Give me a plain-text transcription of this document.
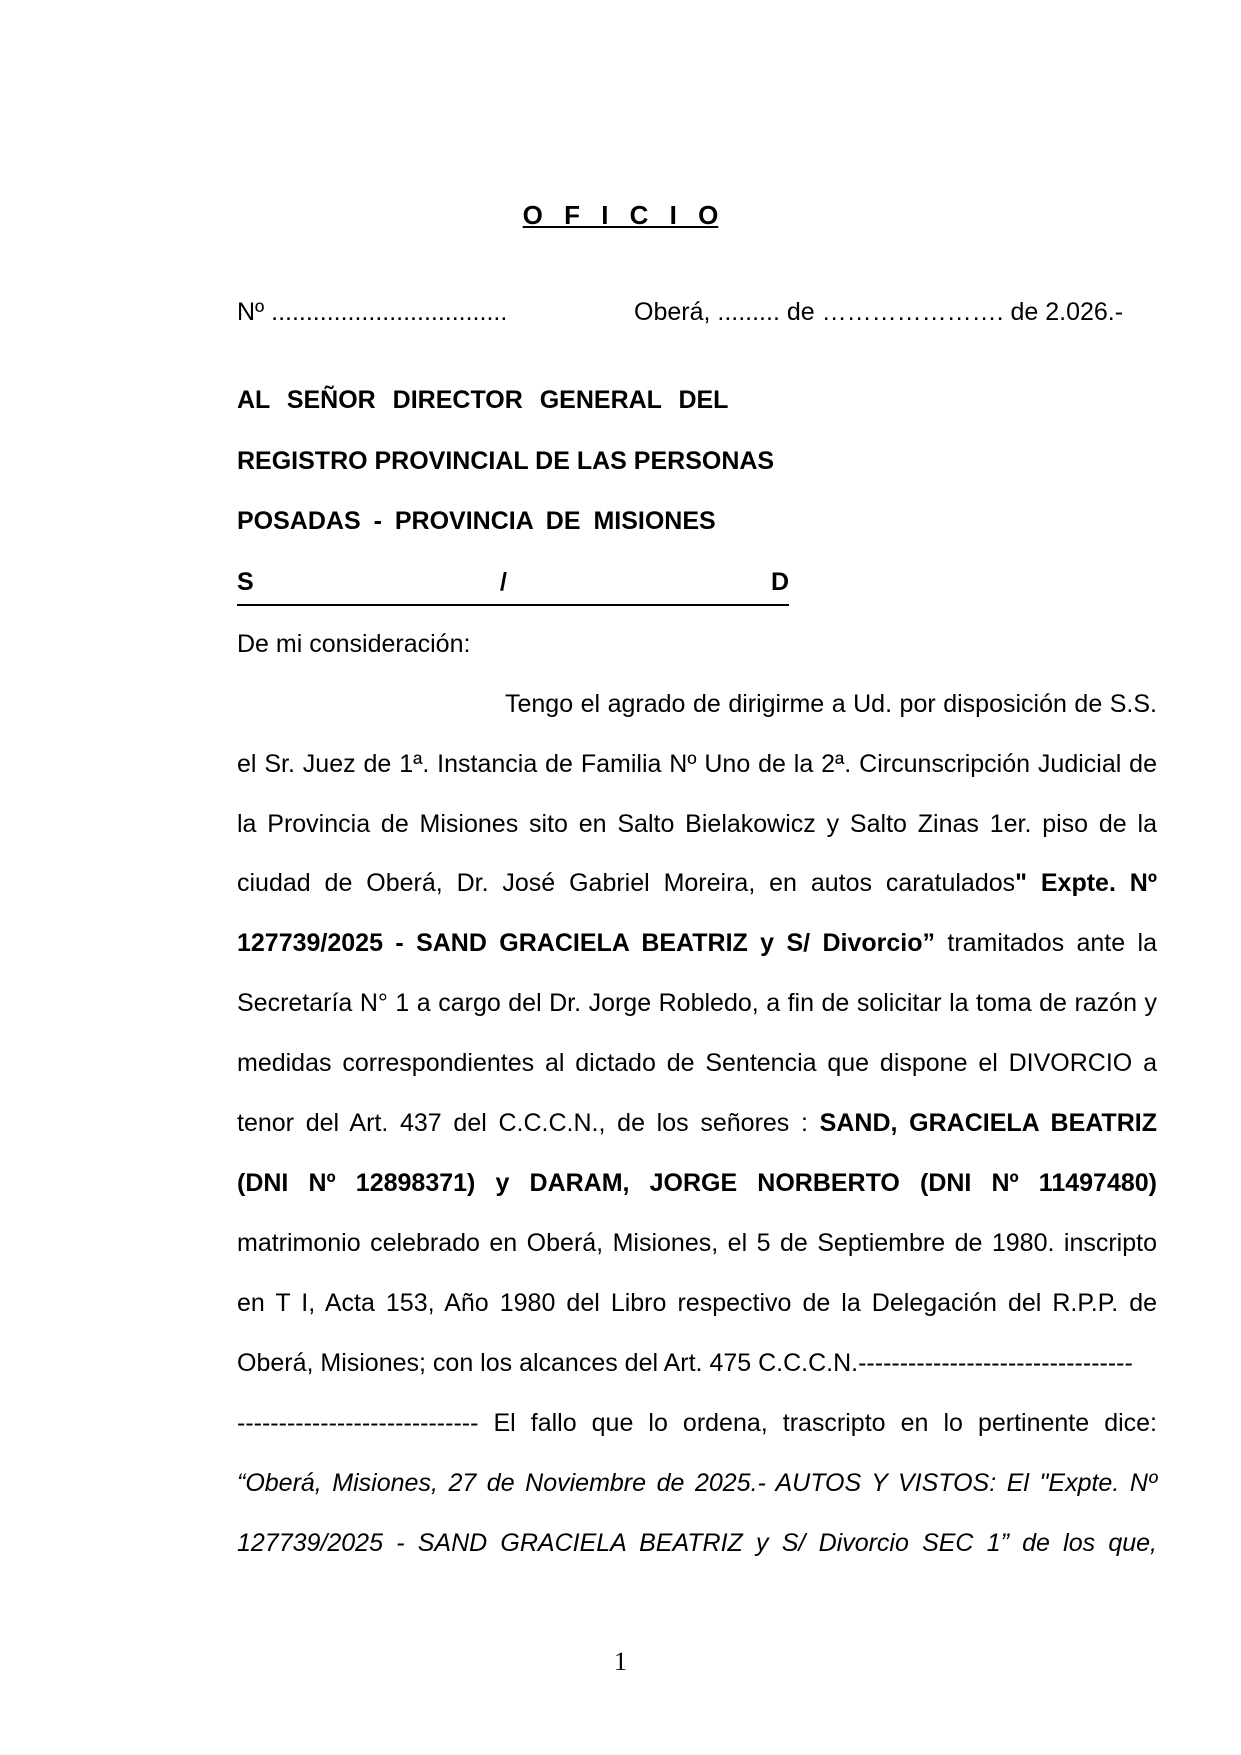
O F I C I O
Nº ..................................	Oberá, ......... de …………………. de 2.026.-
AL SEÑOR DIRECTOR GENERAL DEL
REGISTRO PROVINCIAL DE LAS PERSONAS
POSADAS - PROVINCIA DE MISIONES
S	/	D
De mi consideración:
Tengo el agrado de dirigirme a Ud. por disposición de S.S.
el Sr. Juez de 1ª. Instancia de Familia Nº Uno de la 2ª. Circunscripción Judicial de
la Provincia de Misiones sito en Salto Bielakowicz y Salto Zinas 1er. piso de la
ciudad de Oberá, Dr. José Gabriel Moreira, en autos caratulados" Expte. Nº
127739/2025 - SAND GRACIELA BEATRIZ y S/ Divorcio” tramitados ante la
Secretaría N° 1 a cargo del Dr. Jorge Robledo, a fin de solicitar la toma de razón y
medidas correspondientes al dictado de Sentencia que dispone el DIVORCIO a
tenor del Art. 437 del C.C.C.N., de los señores : SAND, GRACIELA BEATRIZ
(DNI Nº 12898371) y DARAM, JORGE NORBERTO (DNI Nº 11497480)
matrimonio celebrado en Oberá, Misiones, el 5 de Septiembre de 1980. inscripto
en T I, Acta 153, Año 1980 del Libro respectivo de la Delegación del R.P.P. de
Oberá, Misiones; con los alcances del Art. 475 C.C.C.N.---------------------------------
----------------------------- El fallo que lo ordena, trascripto en lo pertinente dice:
“Oberá, Misiones, 27 de Noviembre de 2025.- AUTOS Y VISTOS: El "Expte. Nº
127739/2025 - SAND GRACIELA BEATRIZ y S/ Divorcio SEC 1” de los que,
1
